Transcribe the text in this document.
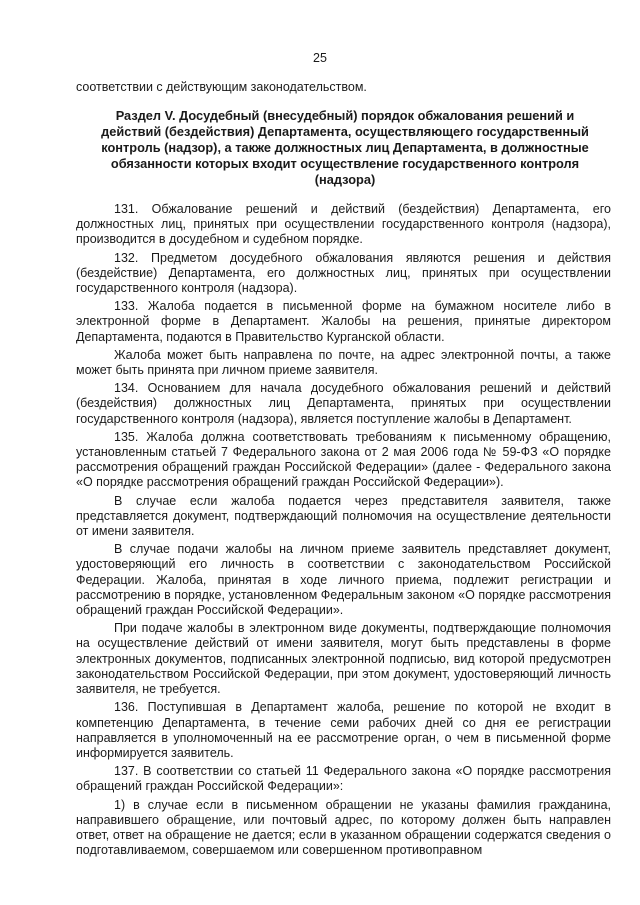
25
соответствии с действующим законодательством.
Раздел V. Досудебный (внесудебный) порядок обжалования решений и действий (бездействия) Департамента, осуществляющего государственный контроль (надзор), а также должностных лиц Департамента, в должностные обязанности которых входит осуществление государственного контроля (надзора)

131. Обжалование решений и действий (бездействия) Департамента, его должностных лиц, принятых при осуществлении государственного контроля (надзора), производится в досудебном и судебном порядке.

132. Предметом досудебного обжалования являются решения и действия (бездействие) Департамента, его должностных лиц, принятых при осуществлении государственного контроля (надзора).

133. Жалоба подается в письменной форме на бумажном носителе либо в электронной форме в Департамент. Жалобы на решения, принятые директором Департамента, подаются в Правительство Курганской области.

Жалоба может быть направлена по почте, на адрес электронной почты, а также может быть принята при личном приеме заявителя.

134. Основанием для начала досудебного обжалования решений и действий (бездействия) должностных лиц Департамента, принятых при осуществлении государственного контроля (надзора), является поступление жалобы в Департамент.

135. Жалоба должна соответствовать требованиям к письменному обращению, установленным статьей 7 Федерального закона от 2 мая 2006 года № 59-ФЗ «О порядке рассмотрения обращений граждан Российской Федерации» (далее - Федерального закона «О порядке рассмотрения обращений граждан Российской Федерации»).

В случае если жалоба подается через представителя заявителя, также представляется документ, подтверждающий полномочия на осуществление деятельности от имени заявителя.

В случае подачи жалобы на личном приеме заявитель представляет документ, удостоверяющий его личность в соответствии с законодательством Российской Федерации. Жалоба, принятая в ходе личного приема, подлежит регистрации и рассмотрению в порядке, установленном Федеральным законом «О порядке рассмотрения обращений граждан Российской Федерации».

При подаче жалобы в электронном виде документы, подтверждающие полномочия на осуществление действий от имени заявителя, могут быть представлены в форме электронных документов, подписанных электронной подписью, вид которой предусмотрен законодательством Российской Федерации, при этом документ, удостоверяющий личность заявителя, не требуется.

136. Поступившая в Департамент жалоба, решение по которой не входит в компетенцию Департамента, в течение семи рабочих дней со дня ее регистрации направляется в уполномоченный на ее рассмотрение орган, о чем в письменной форме информируется заявитель.

137. В соответствии со статьей 11 Федерального закона «О порядке рассмотрения обращений граждан Российской Федерации»:

1) в случае если в письменном обращении не указаны фамилия гражданина, направившего обращение, или почтовый адрес, по которому должен быть направлен ответ, ответ на обращение не дается; если в указанном обращении содержатся сведения о подготавливаемом, совершаемом или совершенном противоправном
